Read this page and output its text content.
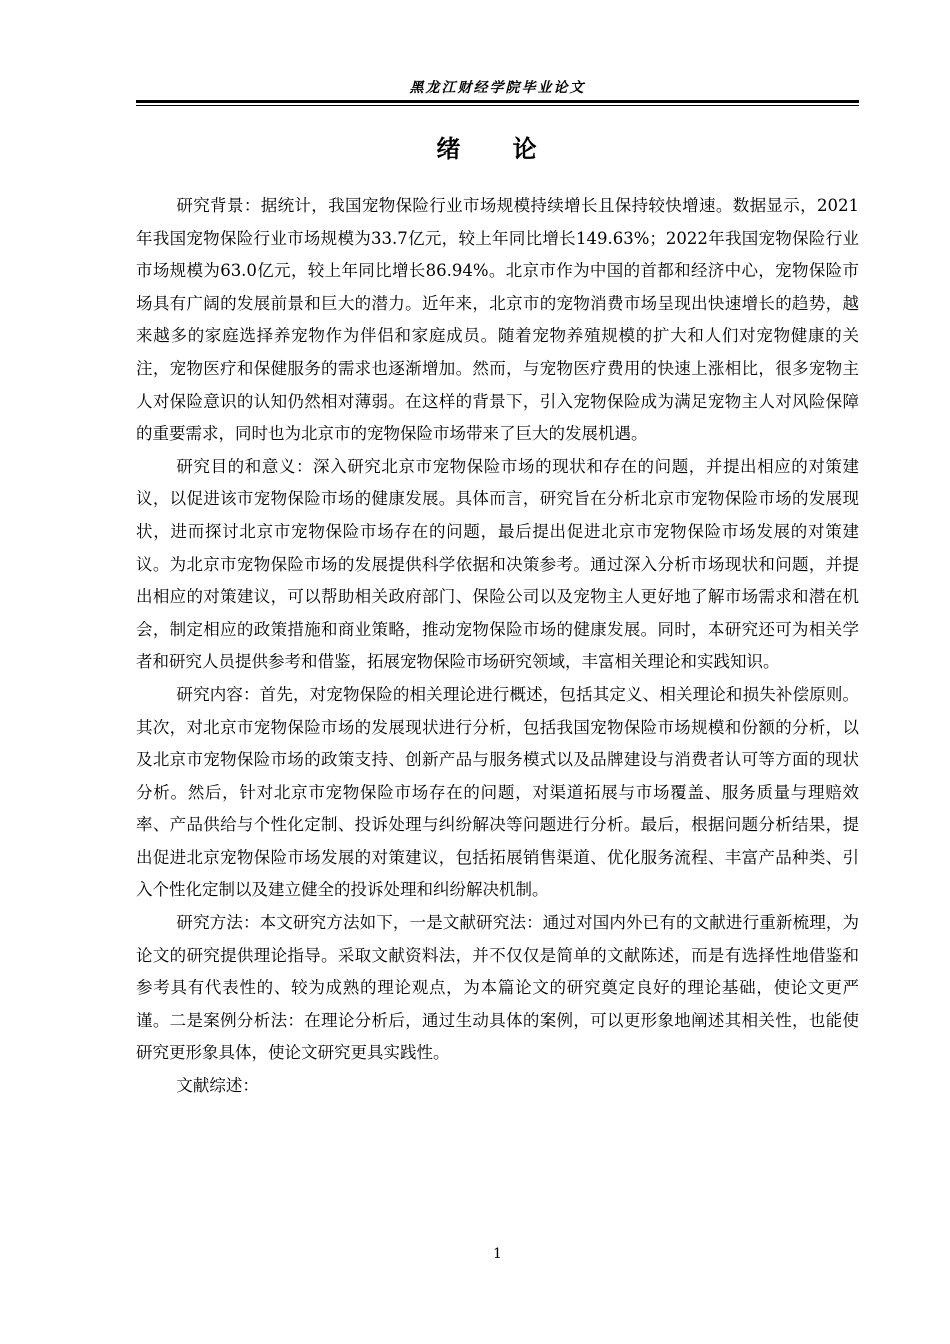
黑龙江财经学院毕业论文
绪 论

研究背景：据统计，我国宠物保险行业市场规模持续增长且保持较快增速。数据显示，2021年我国宠物保险行业市场规模为33.7亿元，较上年同比增长149.63%；2022年我国宠物保险行业市场规模为63.0亿元，较上年同比增长86.94%。北京市作为中国的首都和经济中心，宠物保险市场具有广阔的发展前景和巨大的潜力。近年来，北京市的宠物消费市场呈现出快速增长的趋势，越来越多的家庭选择养宠物作为伴侣和家庭成员。随着宠物养殖规模的扩大和人们对宠物健康的关注，宠物医疗和保健服务的需求也逐渐增加。然而，与宠物医疗费用的快速上涨相比，很多宠物主人对保险意识的认知仍然相对薄弱。在这样的背景下，引入宠物保险成为满足宠物主人对风险保障的重要需求，同时也为北京市的宠物保险市场带来了巨大的发展机遇。

研究目的和意义：深入研究北京市宠物保险市场的现状和存在的问题，并提出相应的对策建议，以促进该市宠物保险市场的健康发展。具体而言，研究旨在分析北京市宠物保险市场的发展现状，进而探讨北京市宠物保险市场存在的问题，最后提出促进北京市宠物保险市场发展的对策建议。为北京市宠物保险市场的发展提供科学依据和决策参考。通过深入分析市场现状和问题，并提出相应的对策建议，可以帮助相关政府部门、保险公司以及宠物主人更好地了解市场需求和潜在机会，制定相应的政策措施和商业策略，推动宠物保险市场的健康发展。同时，本研究还可为相关学者和研究人员提供参考和借鉴，拓展宠物保险市场研究领域，丰富相关理论和实践知识。

研究内容：首先，对宠物保险的相关理论进行概述，包括其定义、相关理论和损失补偿原则。其次，对北京市宠物保险市场的发展现状进行分析，包括我国宠物保险市场规模和份额的分析，以及北京市宠物保险市场的政策支持、创新产品与服务模式以及品牌建设与消费者认可等方面的现状分析。然后，针对北京市宠物保险市场存在的问题，对渠道拓展与市场覆盖、服务质量与理赔效率、产品供给与个性化定制、投诉处理与纠纷解决等问题进行分析。最后，根据问题分析结果，提出促进北京宠物保险市场发展的对策建议，包括拓展销售渠道、优化服务流程、丰富产品种类、引入个性化定制以及建立健全的投诉处理和纠纷解决机制。

研究方法：本文研究方法如下，一是文献研究法：通过对国内外已有的文献进行重新梳理，为论文的研究提供理论指导。采取文献资料法，并不仅仅是简单的文献陈述，而是有选择性地借鉴和参考具有代表性的、较为成熟的理论观点，为本篇论文的研究奠定良好的理论基础，使论文更严谨。二是案例分析法：在理论分析后，通过生动具体的案例，可以更形象地阐述其相关性，也能使研究更形象具体，使论文研究更具实践性。

文献综述：

1
